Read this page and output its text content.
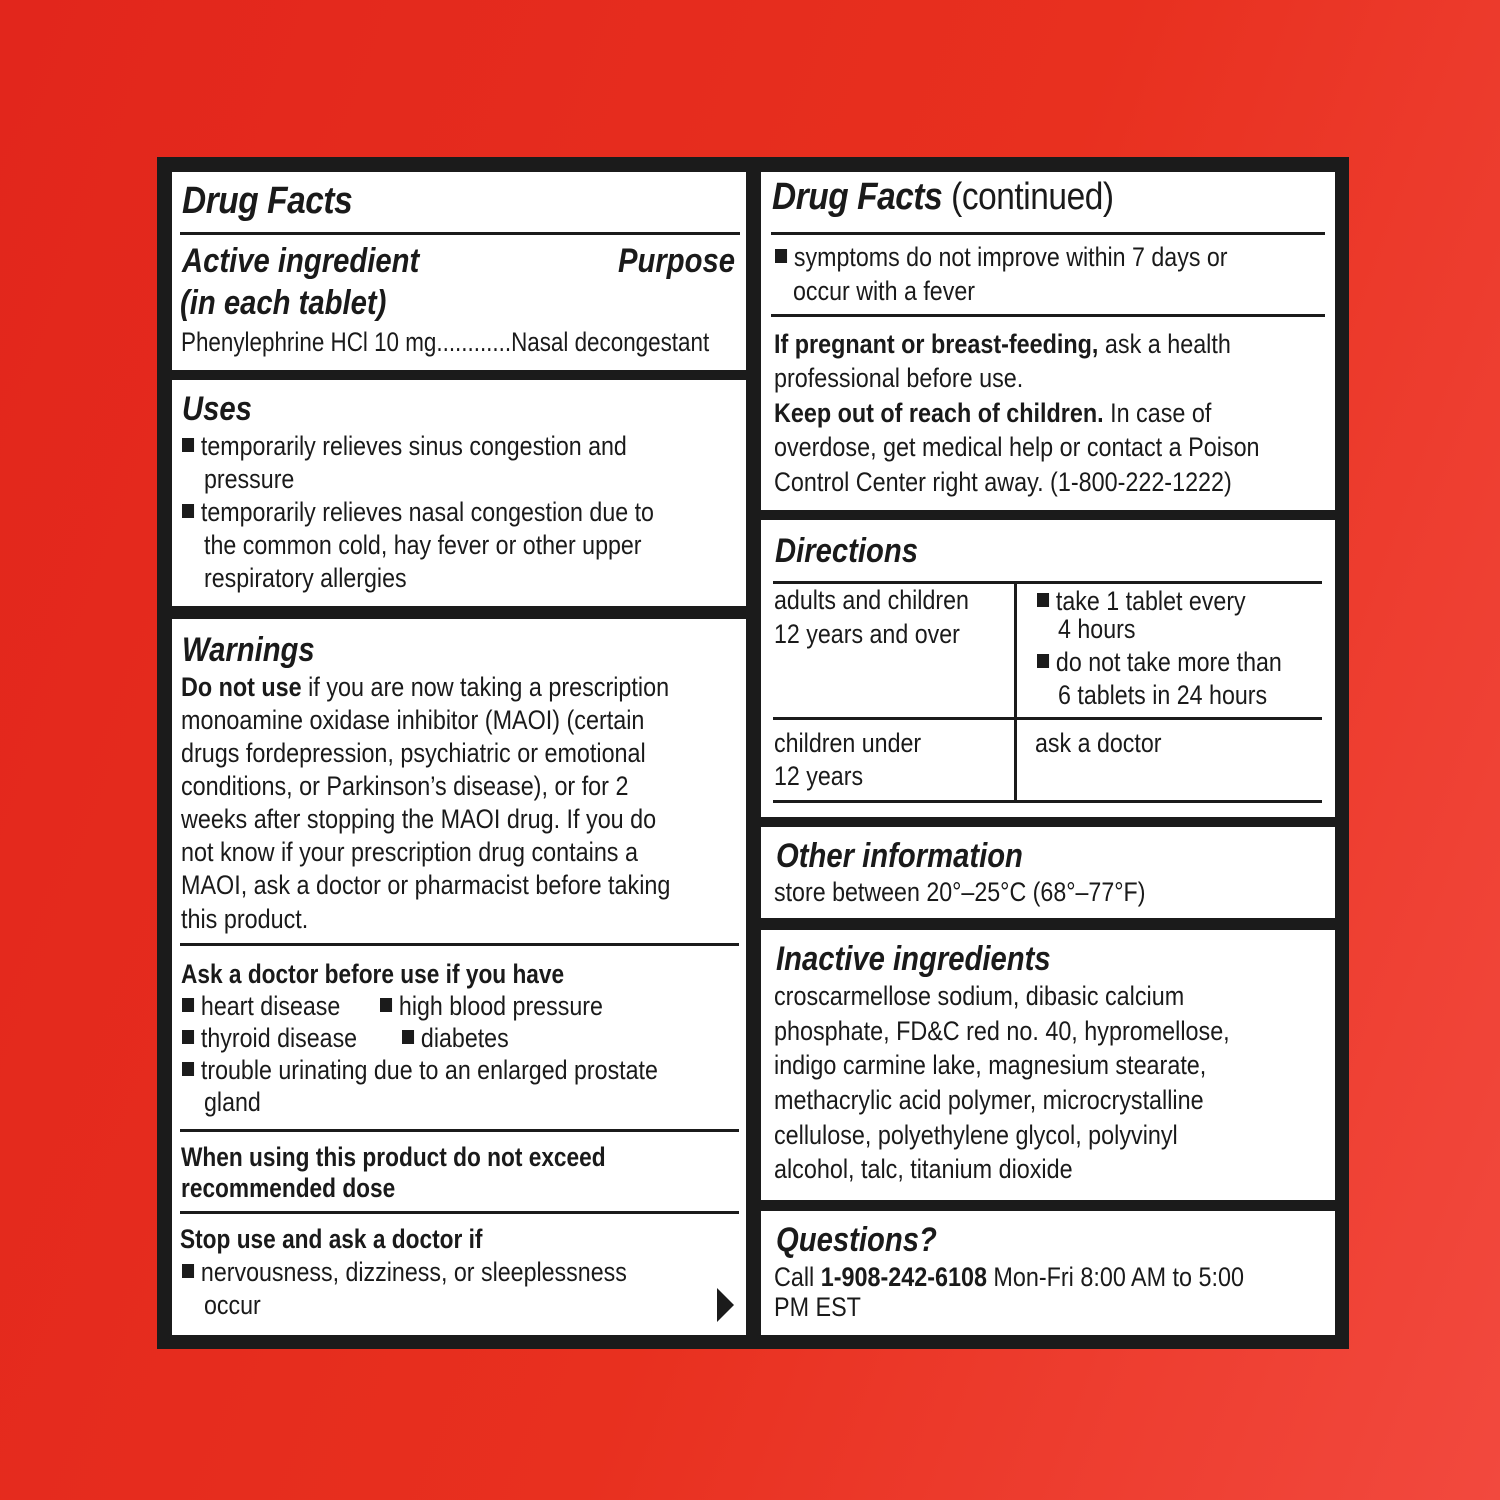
Drug Facts
Active ingredient
(in each tablet)
Purpose
Phenylephrine HCl 10 mg............Nasal decongestant
Uses
temporarily relieves sinus congestion and
pressure
temporarily relieves nasal congestion due to
the common cold, hay fever or other upper
respiratory allergies
Warnings
Do not use if you are now taking a prescription
monoamine oxidase inhibitor (MAOI) (certain
drugs fordepression, psychiatric or emotional
conditions, or Parkinson’s disease), or for 2
weeks after stopping the MAOI drug. If you do
not know if your prescription drug contains a
MAOI, ask a doctor or pharmacist before taking
this product.
Ask a doctor before use if you have
heart disease	high blood pressure
thyroid disease	diabetes
trouble urinating due to an enlarged prostate
gland
When using this product do not exceed
recommended dose
Stop use and ask a doctor if
nervousness, dizziness, or sleeplessness
occur
Drug Facts (continued)
symptoms do not improve within 7 days or
occur with a fever
If pregnant or breast-feeding, ask a health
professional before use.
Keep out of reach of children. In case of
overdose, get medical help or contact a Poison
Control Center right away. (1-800-222-1222)
Directions
adults and children
12 years and over
take 1 tablet every
4 hours
do not take more than
6 tablets in 24 hours
children under
12 years
ask a doctor
Other information
store between 20°–25°C (68°–77°F)
Inactive ingredients
croscarmellose sodium, dibasic calcium
phosphate, FD&C red no. 40, hypromellose,
indigo carmine lake, magnesium stearate,
methacrylic acid polymer, microcrystalline
cellulose, polyethylene glycol, polyvinyl
alcohol, talc, titanium dioxide
Questions?
Call 1-908-242-6108 Mon-Fri 8:00 AM to 5:00
PM EST
